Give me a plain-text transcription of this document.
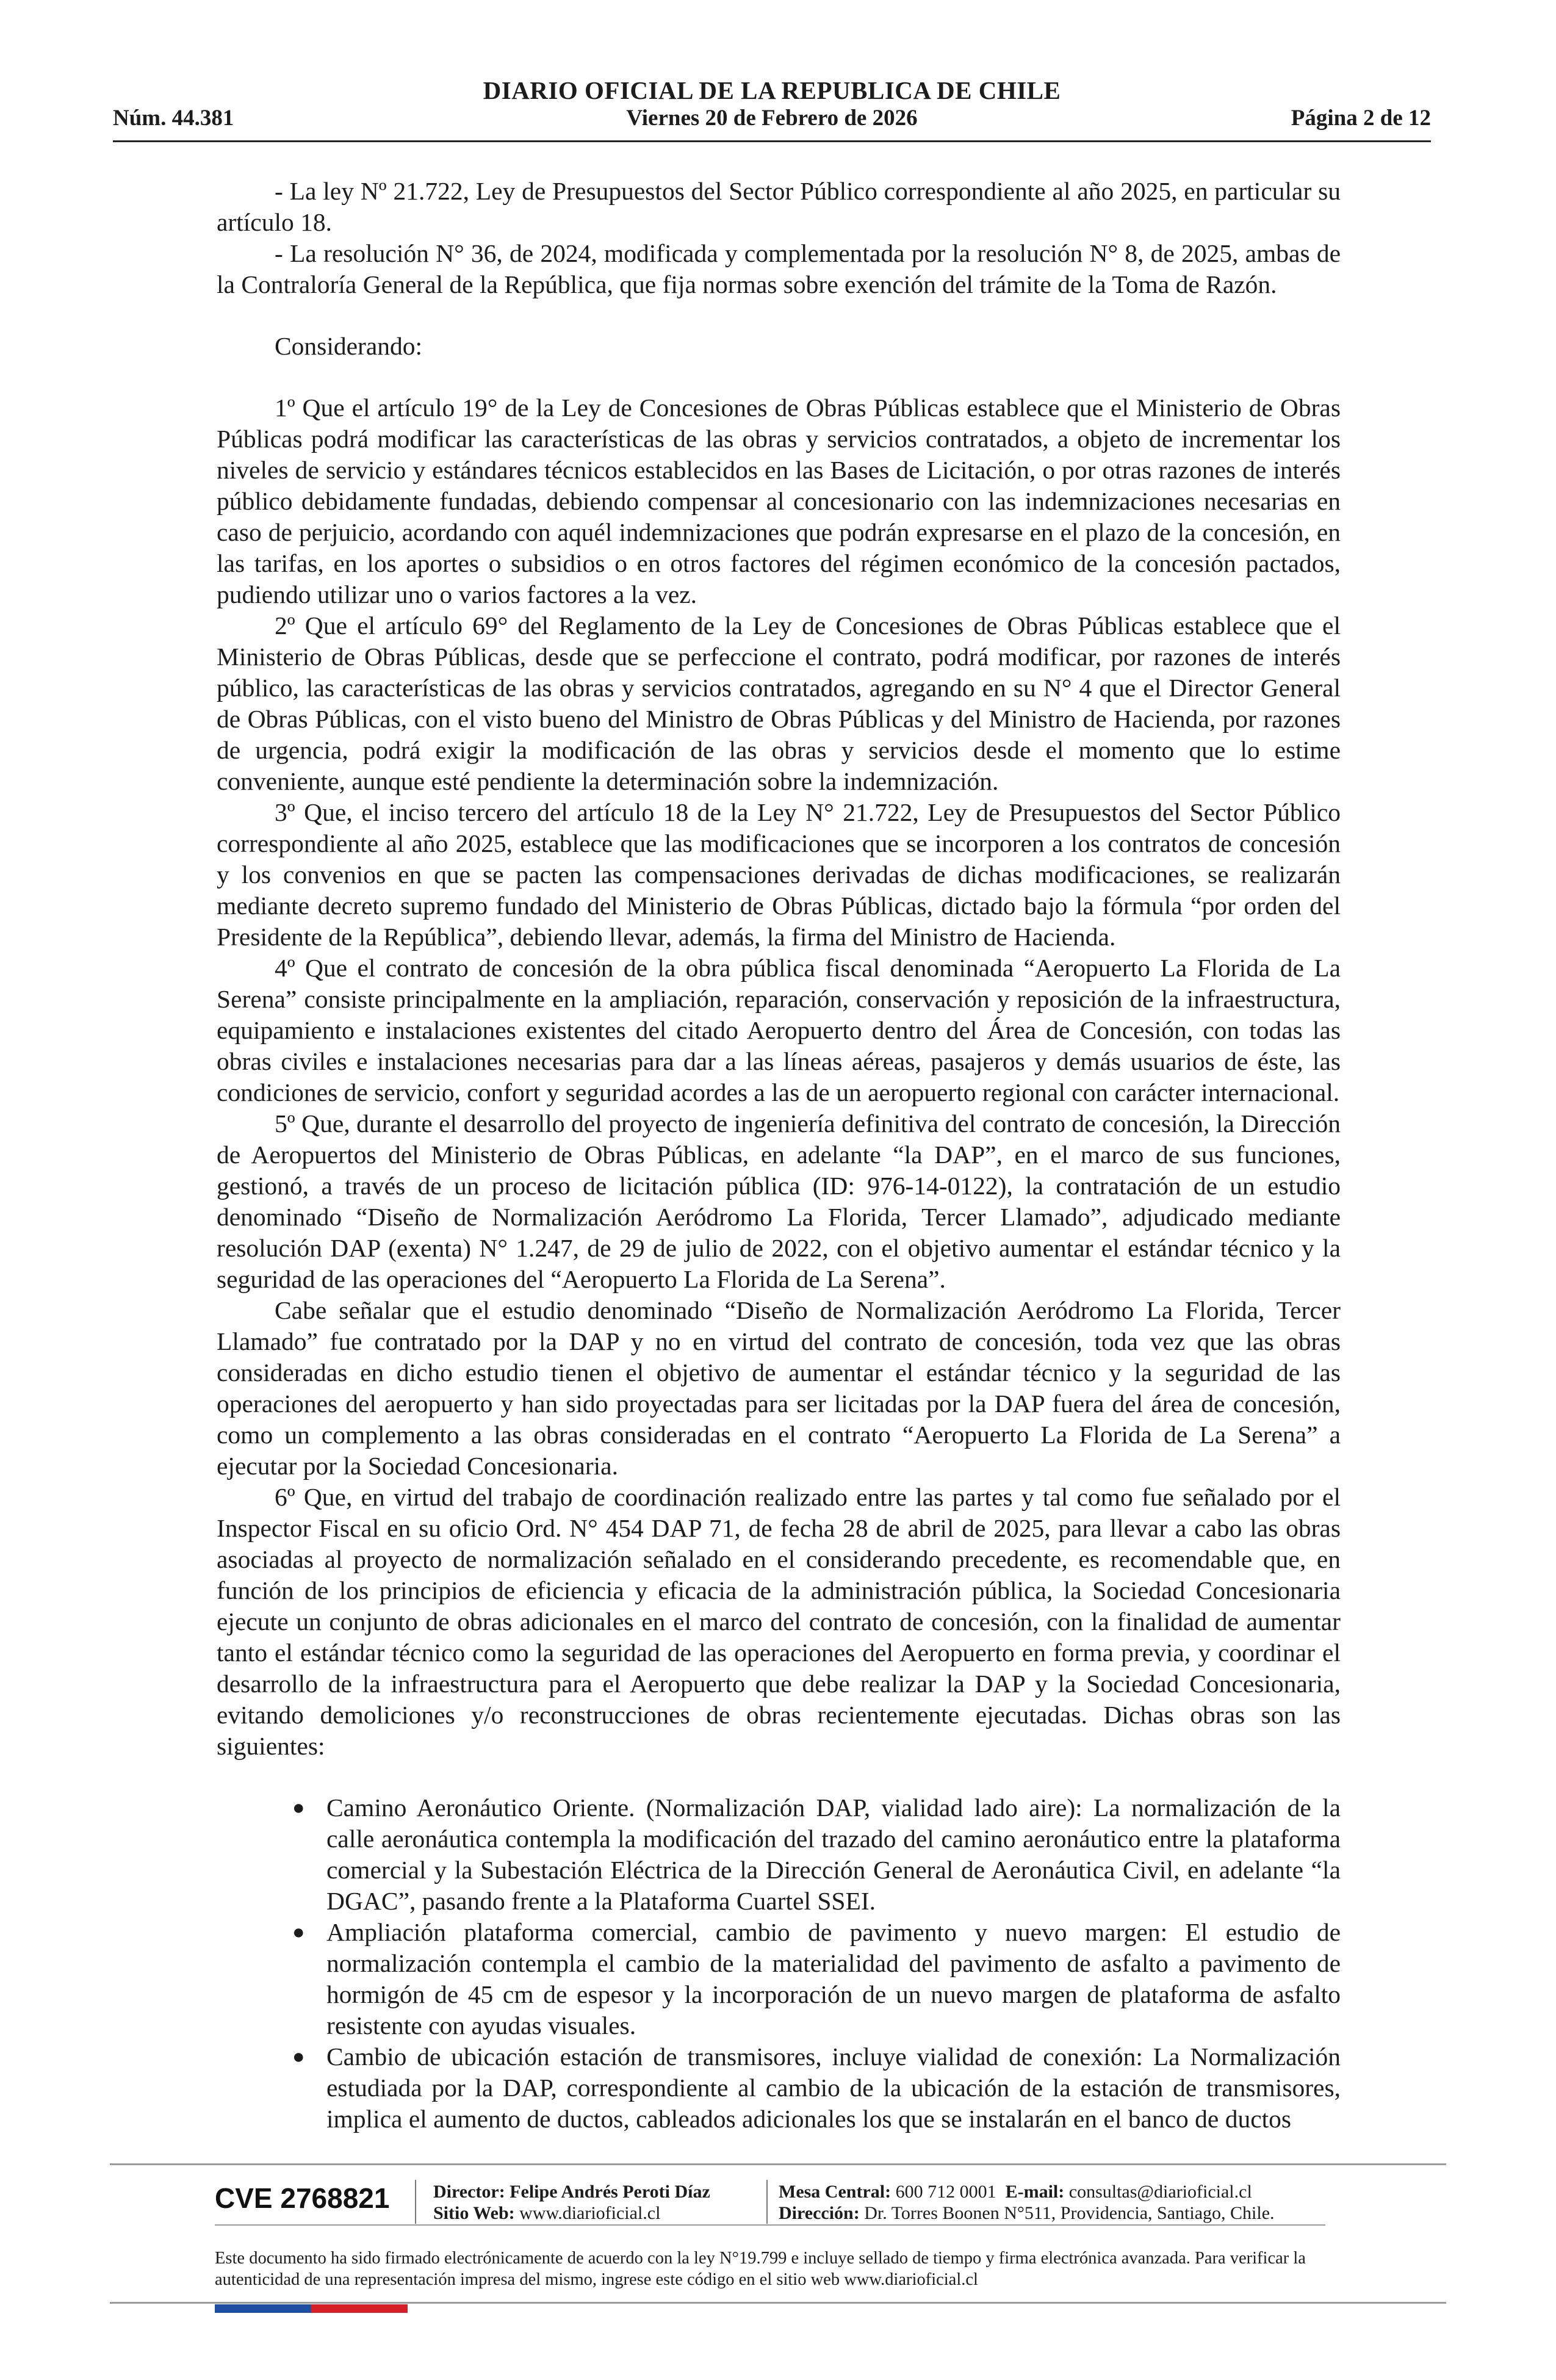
DIARIO OFICIAL DE LA REPUBLICA DE CHILE
Núm. 44.381	Viernes 20 de Febrero de 2026	Página 2 de 12

- La ley Nº 21.722, Ley de Presupuestos del Sector Público correspondiente al año 2025, en particular su artículo 18.

- La resolución N° 36, de 2024, modificada y complementada por la resolución N° 8, de 2025, ambas de la Contraloría General de la República, que fija normas sobre exención del trámite de la Toma de Razón.

Considerando:

1º Que el artículo 19° de la Ley de Concesiones de Obras Públicas establece que el Ministerio de Obras Públicas podrá modificar las características de las obras y servicios contratados, a objeto de incrementar los niveles de servicio y estándares técnicos establecidos en las Bases de Licitación, o por otras razones de interés público debidamente fundadas, debiendo compensar al concesionario con las indemnizaciones necesarias en caso de perjuicio, acordando con aquél indemnizaciones que podrán expresarse en el plazo de la concesión, en las tarifas, en los aportes o subsidios o en otros factores del régimen económico de la concesión pactados, pudiendo utilizar uno o varios factores a la vez.

2º Que el artículo 69° del Reglamento de la Ley de Concesiones de Obras Públicas establece que el Ministerio de Obras Públicas, desde que se perfeccione el contrato, podrá modificar, por razones de interés público, las características de las obras y servicios contratados, agregando en su N° 4 que el Director General de Obras Públicas, con el visto bueno del Ministro de Obras Públicas y del Ministro de Hacienda, por razones de urgencia, podrá exigir la modificación de las obras y servicios desde el momento que lo estime conveniente, aunque esté pendiente la determinación sobre la indemnización.

3º Que, el inciso tercero del artículo 18 de la Ley N° 21.722, Ley de Presupuestos del Sector Público correspondiente al año 2025, establece que las modificaciones que se incorporen a los contratos de concesión y los convenios en que se pacten las compensaciones derivadas de dichas modificaciones, se realizarán mediante decreto supremo fundado del Ministerio de Obras Públicas, dictado bajo la fórmula “por orden del Presidente de la República”, debiendo llevar, además, la firma del Ministro de Hacienda.

4º Que el contrato de concesión de la obra pública fiscal denominada “Aeropuerto La Florida de La Serena” consiste principalmente en la ampliación, reparación, conservación y reposición de la infraestructura, equipamiento e instalaciones existentes del citado Aeropuerto dentro del Área de Concesión, con todas las obras civiles e instalaciones necesarias para dar a las líneas aéreas, pasajeros y demás usuarios de éste, las condiciones de servicio, confort y seguridad acordes a las de un aeropuerto regional con carácter internacional.

5º Que, durante el desarrollo del proyecto de ingeniería definitiva del contrato de concesión, la Dirección de Aeropuertos del Ministerio de Obras Públicas, en adelante “la DAP”, en el marco de sus funciones, gestionó, a través de un proceso de licitación pública (ID: 976-14-0122), la contratación de un estudio denominado “Diseño de Normalización Aeródromo La Florida, Tercer Llamado”, adjudicado mediante resolución DAP (exenta) N° 1.247, de 29 de julio de 2022, con el objetivo aumentar el estándar técnico y la seguridad de las operaciones del “Aeropuerto La Florida de La Serena”.

Cabe señalar que el estudio denominado “Diseño de Normalización Aeródromo La Florida, Tercer Llamado” fue contratado por la DAP y no en virtud del contrato de concesión, toda vez que las obras consideradas en dicho estudio tienen el objetivo de aumentar el estándar técnico y la seguridad de las operaciones del aeropuerto y han sido proyectadas para ser licitadas por la DAP fuera del área de concesión, como un complemento a las obras consideradas en el contrato “Aeropuerto La Florida de La Serena” a ejecutar por la Sociedad Concesionaria.

6º Que, en virtud del trabajo de coordinación realizado entre las partes y tal como fue señalado por el Inspector Fiscal en su oficio Ord. N° 454 DAP 71, de fecha 28 de abril de 2025, para llevar a cabo las obras asociadas al proyecto de normalización señalado en el considerando precedente, es recomendable que, en función de los principios de eficiencia y eficacia de la administración pública, la Sociedad Concesionaria ejecute un conjunto de obras adicionales en el marco del contrato de concesión, con la finalidad de aumentar tanto el estándar técnico como la seguridad de las operaciones del Aeropuerto en forma previa, y coordinar el desarrollo de la infraestructura para el Aeropuerto que debe realizar la DAP y la Sociedad Concesionaria, evitando demoliciones y/o reconstrucciones de obras recientemente ejecutadas. Dichas obras son las siguientes:

● Camino Aeronáutico Oriente. (Normalización DAP, vialidad lado aire): La normalización de la calle aeronáutica contempla la modificación del trazado del camino aeronáutico entre la plataforma comercial y la Subestación Eléctrica de la Dirección General de Aeronáutica Civil, en adelante “la DGAC”, pasando frente a la Plataforma Cuartel SSEI.
● Ampliación plataforma comercial, cambio de pavimento y nuevo margen: El estudio de normalización contempla el cambio de la materialidad del pavimento de asfalto a pavimento de hormigón de 45 cm de espesor y la incorporación de un nuevo margen de plataforma de asfalto resistente con ayudas visuales.
● Cambio de ubicación estación de transmisores, incluye vialidad de conexión: La Normalización estudiada por la DAP, correspondiente al cambio de la ubicación de la estación de transmisores, implica el aumento de ductos, cableados adicionales los que se instalarán en el banco de ductos
CVE 2768821 Director: Felipe Andrés Peroti Díaz
Sitio Web: www.diarioficial.cl
Mesa Central: 600 712 0001 E-mail: consultas@diarioficial.cl
Dirección: Dr. Torres Boonen N°511, Providencia, Santiago, Chile.
Este documento ha sido firmado electrónicamente de acuerdo con la ley N°19.799 e incluye sellado de tiempo y firma electrónica avanzada. Para verificar la autenticidad de una representación impresa del mismo, ingrese este código en el sitio web www.diarioficial.cl
